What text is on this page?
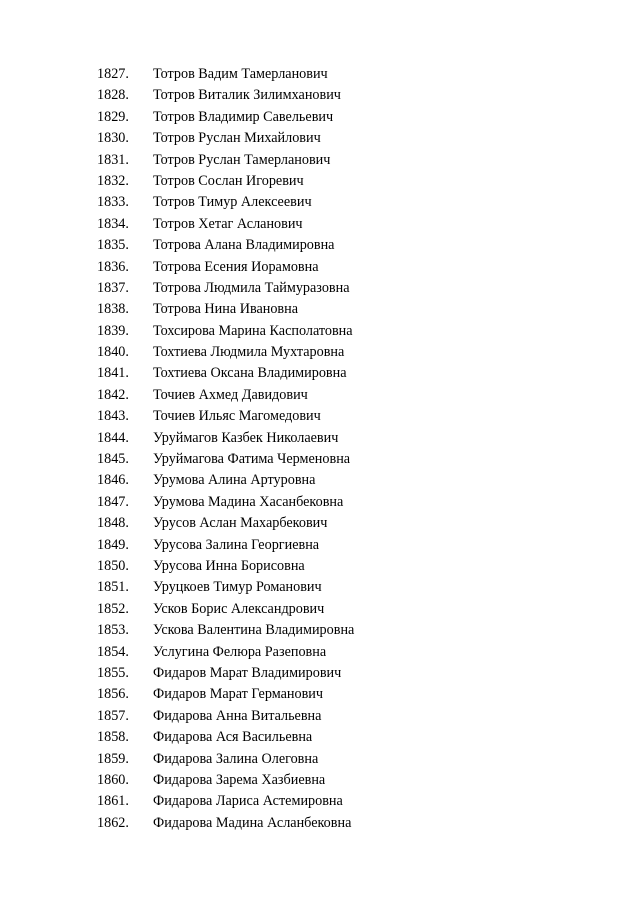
1827. Тотров Вадим Тамерланович
1828. Тотров Виталик Зилимханович
1829. Тотров Владимир Савельевич
1830. Тотров Руслан Михайлович
1831. Тотров Руслан Тамерланович
1832. Тотров Сослан Игоревич
1833. Тотров Тимур Алексеевич
1834. Тотров Хетаг Асланович
1835. Тотрова Алана Владимировна
1836. Тотрова Есения Иорамовна
1837. Тотрова Людмила Таймуразовна
1838. Тотрова Нина Ивановна
1839. Тохсирова Марина Касполатовна
1840. Тохтиева Людмила Мухтаровна
1841. Тохтиева Оксана Владимировна
1842. Точиев Ахмед Давидович
1843. Точиев Ильяс Магомедович
1844. Уруймагов Казбек Николаевич
1845. Уруймагова Фатима Черменовна
1846. Урумова Алина Артуровна
1847. Урумова Мадина Хасанбековна
1848. Урусов Аслан Махарбекович
1849. Урусова Залина Георгиевна
1850. Урусова Инна Борисовна
1851. Уруцкоев Тимур Романович
1852. Усков Борис Александрович
1853. Ускова Валентина Владимировна
1854. Услугина Фелюра Разеповна
1855. Фидаров Марат Владимирович
1856. Фидаров Марат Германович
1857. Фидарова Анна Витальевна
1858. Фидарова Ася Васильевна
1859. Фидарова Залина Олеговна
1860. Фидарова Зарема Хазбиевна
1861. Фидарова Лариса Астемировна
1862. Фидарова Мадина Асланбековна
